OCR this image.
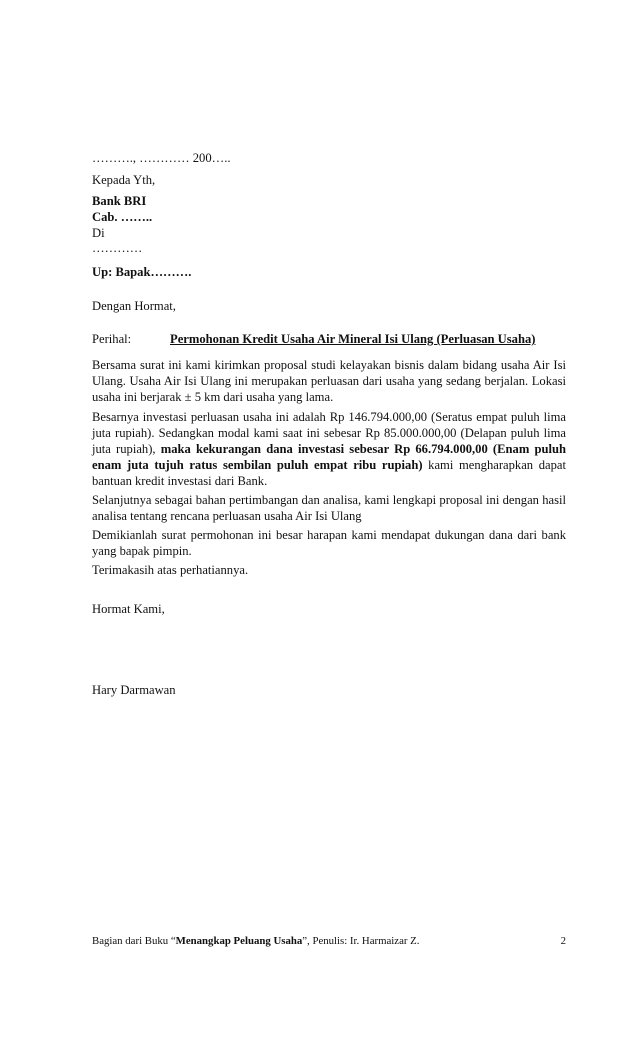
………., ………… 200…..
Kepada Yth,
Bank BRI
Cab. ……..
Di
…………
Up: Bapak……….
Dengan Hormat,
Perihal:	Permohonan Kredit Usaha Air Mineral Isi Ulang (Perluasan Usaha)

Bersama surat ini kami kirimkan proposal studi kelayakan bisnis dalam bidang usaha Air Isi Ulang. Usaha Air Isi Ulang ini merupakan perluasan dari usaha yang sedang berjalan. Lokasi usaha ini berjarak ± 5 km dari usaha yang lama.

Besarnya investasi perluasan usaha ini adalah Rp 146.794.000,00 (Seratus empat puluh lima juta rupiah). Sedangkan modal kami saat ini sebesar Rp 85.000.000,00 (Delapan puluh lima juta rupiah), maka kekurangan dana investasi sebesar Rp 66.794.000,00 (Enam puluh enam juta tujuh ratus sembilan puluh empat ribu rupiah) kami mengharapkan dapat bantuan kredit investasi dari Bank.

Selanjutnya sebagai bahan pertimbangan dan analisa, kami lengkapi proposal ini dengan hasil analisa tentang rencana perluasan usaha Air Isi Ulang

Demikianlah surat permohonan ini besar harapan kami mendapat dukungan dana dari bank yang bapak pimpin.

Terimakasih atas perhatiannya.
Hormat Kami,
Hary Darmawan
Bagian dari Buku “Menangkap Peluang Usaha”, Penulis: Ir. Harmaizar Z.	2
